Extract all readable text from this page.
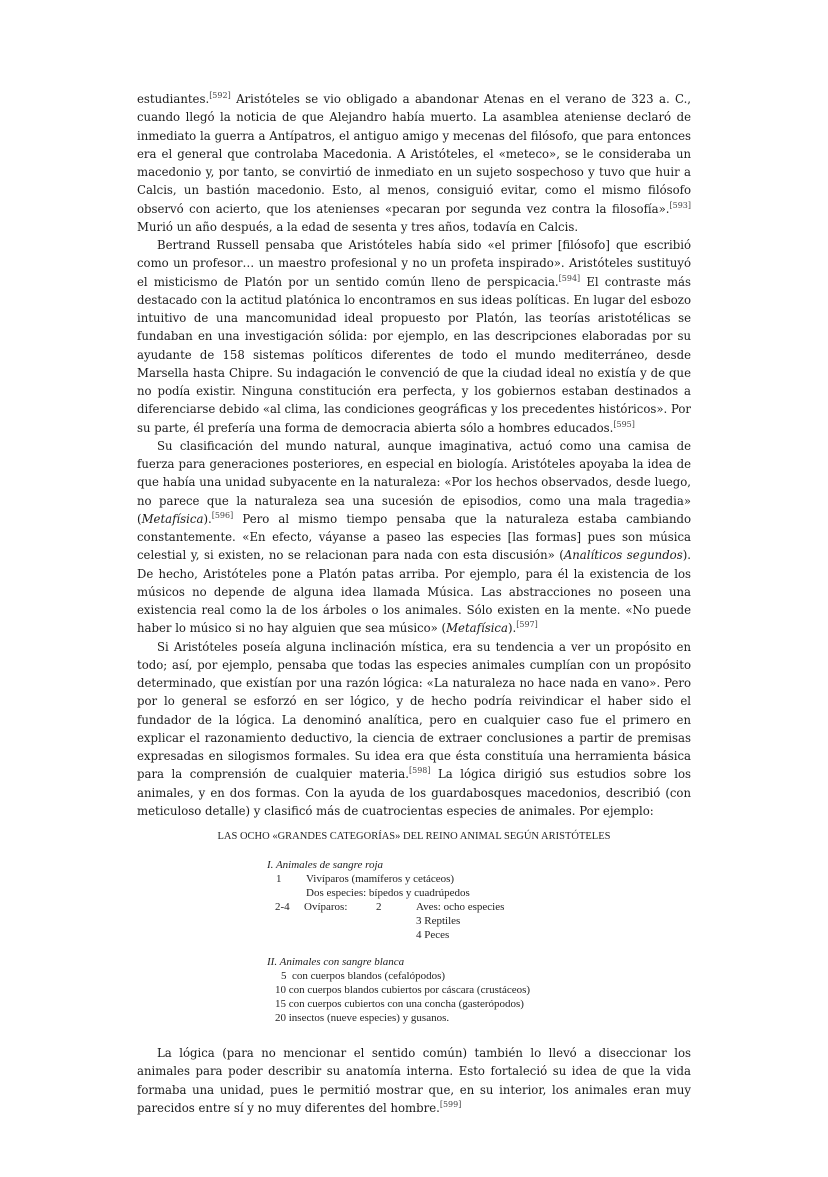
estudiantes.[592] Aristóteles se vio obligado a abandonar Atenas en el verano de 323 a. C., cuando llegó la noticia de que Alejandro había muerto. La asamblea ateniense declaró de inmediato la guerra a Antípatros, el antiguo amigo y mecenas del filósofo, que para entonces era el general que controlaba Macedonia. A Aristóteles, el «meteco», se le consideraba un macedonio y, por tanto, se convirtió de inmediato en un sujeto sospechoso y tuvo que huir a Calcis, un bastión macedonio. Esto, al menos, consiguió evitar, como el mismo filósofo observó con acierto, que los atenienses «pecaran por segunda vez contra la filosofía».[593] Murió un año después, a la edad de sesenta y tres años, todavía en Calcis.

Bertrand Russell pensaba que Aristóteles había sido «el primer [filósofo] que escribió como un profesor… un maestro profesional y no un profeta inspirado». Aristóteles sustituyó el misticismo de Platón por un sentido común lleno de perspicacia.[594] El contraste más destacado con la actitud platónica lo encontramos en sus ideas políticas. En lugar del esbozo intuitivo de una mancomunidad ideal propuesto por Platón, las teorías aristotélicas se fundaban en una investigación sólida: por ejemplo, en las descripciones elaboradas por su ayudante de 158 sistemas políticos diferentes de todo el mundo mediterráneo, desde Marsella hasta Chipre. Su indagación le convenció de que la ciudad ideal no existía y de que no podía existir. Ninguna constitución era perfecta, y los gobiernos estaban destinados a diferenciarse debido «al clima, las condiciones geográficas y los precedentes históricos». Por su parte, él prefería una forma de democracia abierta sólo a hombres educados.[595]

Su clasificación del mundo natural, aunque imaginativa, actuó como una camisa de fuerza para generaciones posteriores, en especial en biología. Aristóteles apoyaba la idea de que había una unidad subyacente en la naturaleza: «Por los hechos observados, desde luego, no parece que la naturaleza sea una sucesión de episodios, como una mala tragedia» (Metafísica).[596] Pero al mismo tiempo pensaba que la naturaleza estaba cambiando constantemente. «En efecto, váyanse a paseo las especies [las formas] pues son música celestial y, si existen, no se relacionan para nada con esta discusión» (Analíticos segundos). De hecho, Aristóteles pone a Platón patas arriba. Por ejemplo, para él la existencia de los músicos no depende de alguna idea llamada Música. Las abstracciones no poseen una existencia real como la de los árboles o los animales. Sólo existen en la mente. «No puede haber lo músico si no hay alguien que sea músico» (Metafísica).[597]

Si Aristóteles poseía alguna inclinación mística, era su tendencia a ver un propósito en todo; así, por ejemplo, pensaba que todas las especies animales cumplían con un propósito determinado, que existían por una razón lógica: «La naturaleza no hace nada en vano». Pero por lo general se esforzó en ser lógico, y de hecho podría reivindicar el haber sido el fundador de la lógica. La denominó analítica, pero en cualquier caso fue el primero en explicar el razonamiento deductivo, la ciencia de extraer conclusiones a partir de premisas expresadas en silogismos formales. Su idea era que ésta constituía una herramienta básica para la comprensión de cualquier materia.[598] La lógica dirigió sus estudios sobre los animales, y en dos formas. Con la ayuda de los guardabosques macedonios, describió (con meticuloso detalle) y clasificó más de cuatrocientas especies de animales. Por ejemplo:

LAS OCHO «GRANDES CATEGORÍAS» DEL REINO ANIMAL SEGÚN ARISTÓTELES
I. Animales de sangre roja
1 Vivíparos (mamíferos y cetáceos)
Dos especies: bípedos y cuadrúpedos
2-4 Ovíparos:	2	Aves: ocho especies
3 Reptiles
4 Peces
II. Animales con sangre blanca
5  con cuerpos blandos (cefalópodos)
10 con cuerpos blandos cubiertos por cáscara (crustáceos)
15 con cuerpos cubiertos con una concha (gasterópodos)
20 insectos (nueve especies) y gusanos.

La lógica (para no mencionar el sentido común) también lo llevó a diseccionar los animales para poder describir su anatomía interna. Esto fortaleció su idea de que la vida formaba una unidad, pues le permitió mostrar que, en su interior, los animales eran muy parecidos entre sí y no muy diferentes del hombre.[599]
